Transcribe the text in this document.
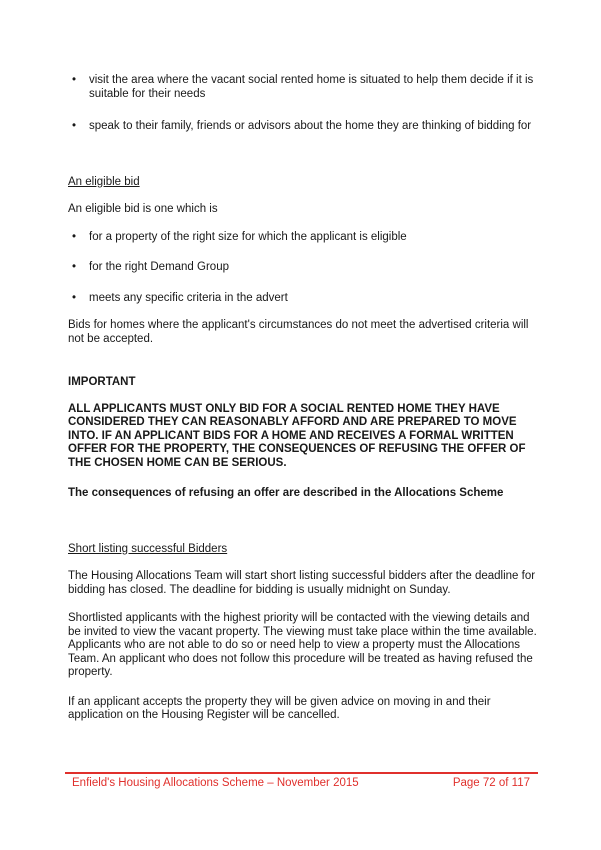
• visit the area where the vacant social rented home is situated to help them decide if it is suitable for their needs
• speak to their family, friends or advisors about the home they are thinking of bidding for
An eligible bid

An eligible bid is one which is

• for a property of the right size for which the applicant is eligible
• for the right Demand Group
• meets any specific criteria in the advert

Bids for homes where the applicant's circumstances do not meet the advertised criteria will not be accepted.

IMPORTANT

ALL APPLICANTS MUST ONLY BID FOR A SOCIAL RENTED HOME THEY HAVE CONSIDERED THEY CAN REASONABLY AFFORD AND ARE PREPARED TO MOVE INTO. IF AN APPLICANT BIDS FOR A HOME AND RECEIVES A FORMAL WRITTEN OFFER FOR THE PROPERTY, THE CONSEQUENCES OF REFUSING THE OFFER OF THE CHOSEN HOME CAN BE SERIOUS.

The consequences of refusing an offer are described in the Allocations Scheme

Short listing successful Bidders

The Housing Allocations Team will start short listing successful bidders after the deadline for bidding has closed. The deadline for bidding is usually midnight on Sunday.

Shortlisted applicants with the highest priority will be contacted with the viewing details and be invited to view the vacant property. The viewing must take place within the time available. Applicants who are not able to do so or need help to view a property must the Allocations Team. An applicant who does not follow this procedure will be treated as having refused the property.

If an applicant accepts the property they will be given advice on moving in and their application on the Housing Register will be cancelled.

Enfield's Housing Allocations Scheme – November 2015	Page 72 of 117
